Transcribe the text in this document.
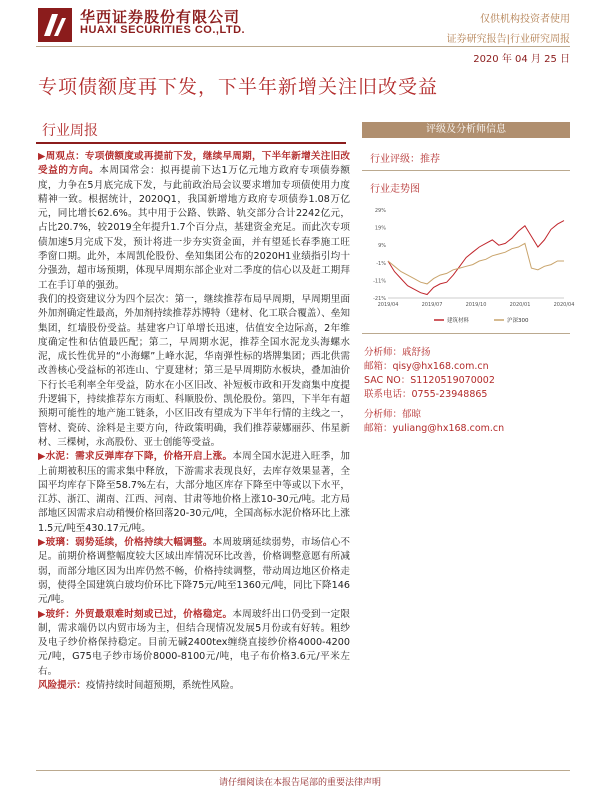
华西证券股份有限公司
HUAXI SECURITIES CO.,LTD.
仅供机构投资者使用
证券研究报告|行业研究周报
2020 年 04 月 25 日
专项债额度再下发，下半年新增关注旧改受益
行业周报	评级及分析师信息
行业评级：推荐
行业走势图
29%
19%
9%
-1%
-11%
-21%
2019/04	2019/07	2019/10	2020/01	2020/04
建筑材料	沪深300
分析师：戚舒扬
邮箱：qisy@hx168.com.cn
SAC NO：S1120519070002
联系电话：0755-23948865
分析师：郁晾
邮箱：yuliang@hx168.com.cn

▶周观点：专项债额度或再提前下发，继续早周期，下半年新增关注旧改受益的方向。本周国常会：拟再提前下达1万亿元地方政府专项债券额度，力争在5月底完成下发，与此前政治局会议要求增加专项债使用力度精神一致。根据统计，2020Q1，我国新增地方政府专项债券1.08万亿元，同比增长62.6%。其中用于公路、铁路、轨交部分合计2242亿元，占比20.7%，较2019全年提升1.7个百分点，基建资金充足。而此次专项债加速5月完成下发，预计将进一步夯实资金面，并有望延长春季施工旺季窗口期。此外，本周凯伦股份、垒知集团公布的2020H1业绩指引均十分强劲，超市场预期，体现早周期东部企业对二季度的信心以及赶工期拜工在手订单的强劲。

我们的投资建议分为四个层次：第一，继续推荐布局早周期，早周期里面外加剂确定性最高，外加剂持续推荐苏博特（建材、化工联合覆盖）、垒知集团，红墙股份受益。基建客户订单增长迅速，估值安全边际高，2年维度确定性和估值最匹配；第二，早周期水泥，推荐全国水泥龙头海螺水泥，成长性优异的“小海螺”上峰水泥，华南弹性标的塔牌集团；西北供需改善核心受益标的祁连山、宁夏建材；第三是早周期防水板块，叠加油价下行长毛利率全年受益，防水在小区旧改、补短板市政和开发商集中度提升逻辑下，持续推荐东方雨虹、科顺股份、凯伦股份。第四，下半年有超预期可能性的地产施工链条，小区旧改有望成为下半年行情的主线之一，管材、瓷砖、涂料是主要方向，待政策明确，我们推荐蒙娜丽莎、伟星新材、三棵树，永高股份、亚士创能等受益。

▶水泥：需求反弹库存下降，价格开启上涨。本周全国水泥进入旺季，加上前期被积压的需求集中释放，下游需求表现良好，去库存效果显著，全国平均库存下降至58.7%左右，大部分地区库存下降至中等或以下水平，江苏、浙江、湖南、江西、河南、甘肃等地价格上涨10-30元/吨。北方局部地区因需求启动稍慢价格回落20-30元/吨，全国高标水泥价格环比上涨1.5元/吨至430.17元/吨。

▶玻璃：弱势延续，价格持续大幅调整。本周玻璃延续弱势，市场信心不足。前期价格调整幅度较大区域出库情况环比改善，价格调整意愿有所减弱，而部分地区因为出库仍然不畅，价格持续调整，带动周边地区价格走弱，使得全国建筑白玻均价环比下降75元/吨至1360元/吨，同比下降146元/吨。

▶玻纤：外贸最艰难时刻或已过，价格稳定。本周玻纤出口仍受到一定限制，需求端仍以内贸市场为主，但结合现情况发展5月份或有好转。粗纱及电子纱价格保持稳定。目前无碱2400tex缠绕直接纱价格4000-4200元/吨，G75电子纱市场价8000-8100元/吨，电子布价格3.6元/平米左右。

风险提示：疫情持续时间超预期，系统性风险。

请仔细阅读在本报告尾部的重要法律声明
